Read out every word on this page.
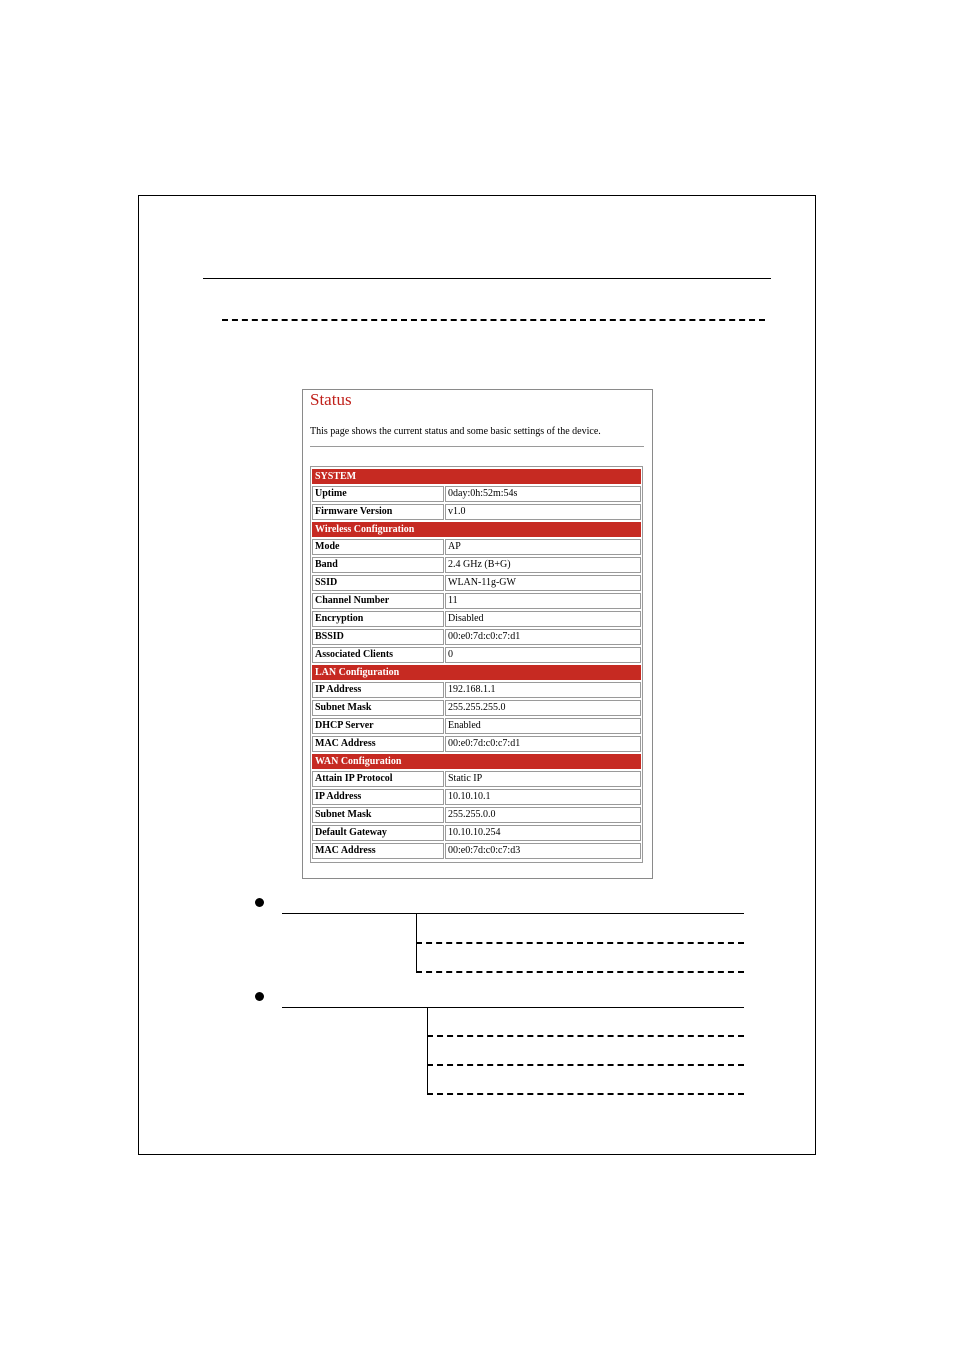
Status

This page shows the current status and some basic settings of the device.

SYSTEM
Uptime	0day:0h:52m:54s
Firmware Version	v1.0
Wireless Configuration
Mode	AP
Band	2.4 GHz (B+G)
SSID	WLAN-11g-GW
Channel Number	11
Encryption	Disabled
BSSID	00:e0:7d:c0:c7:d1
Associated Clients	0
LAN Configuration
IP Address	192.168.1.1
Subnet Mask	255.255.255.0
DHCP Server	Enabled
MAC Address	00:e0:7d:c0:c7:d1
WAN Configuration
Attain IP Protocol	Static IP
IP Address	10.10.10.1
Subnet Mask	255.255.0.0
Default Gateway	10.10.10.254
MAC Address	00:e0:7d:c0:c7:d3
